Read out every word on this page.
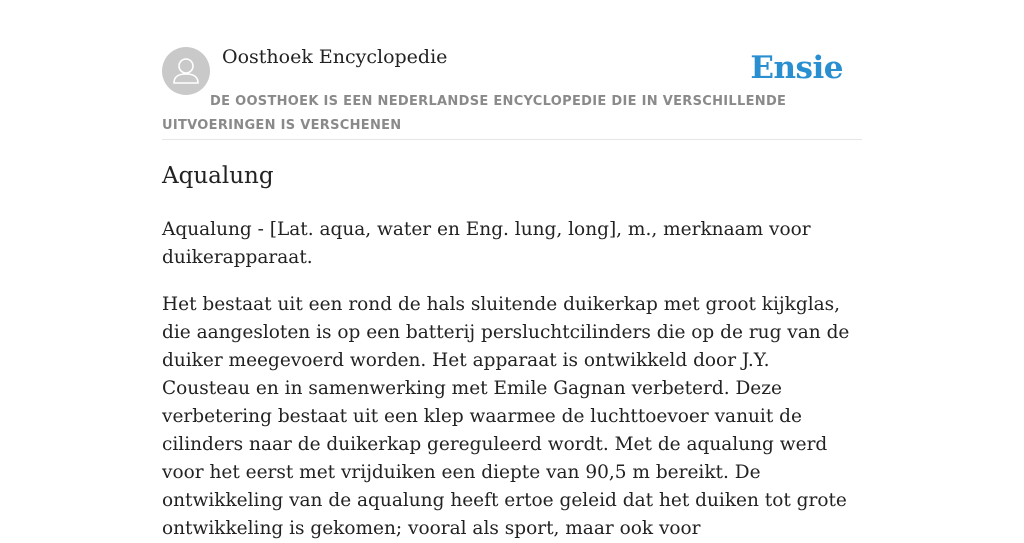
Oosthoek Encyclopedie	Ensie
DE OOSTHOEK IS EEN NEDERLANDSE ENCYCLOPEDIE DIE IN VERSCHILLENDE UITVOERINGEN IS VERSCHENEN
Aqualung

Aqualung - [Lat. aqua, water en Eng. lung, long], m., merknaam voor duikerapparaat.

Het bestaat uit een rond de hals sluitende duikerkap met groot kijkglas, die aangesloten is op een batterij persluchtcilinders die op de rug van de duiker meegevoerd worden. Het apparaat is ontwikkeld door J.Y. Cousteau en in samenwerking met Emile Gagnan verbeterd. Deze verbetering bestaat uit een klep waarmee de luchttoevoer vanuit de cilinders naar de duikerkap gereguleerd wordt. Met de aqualung werd voor het eerst met vrijduiken een diepte van 90,5 m bereikt. De ontwikkeling van de aqualung heeft ertoe geleid dat het duiken tot grote ontwikkeling is gekomen; vooral als sport, maar ook voor
